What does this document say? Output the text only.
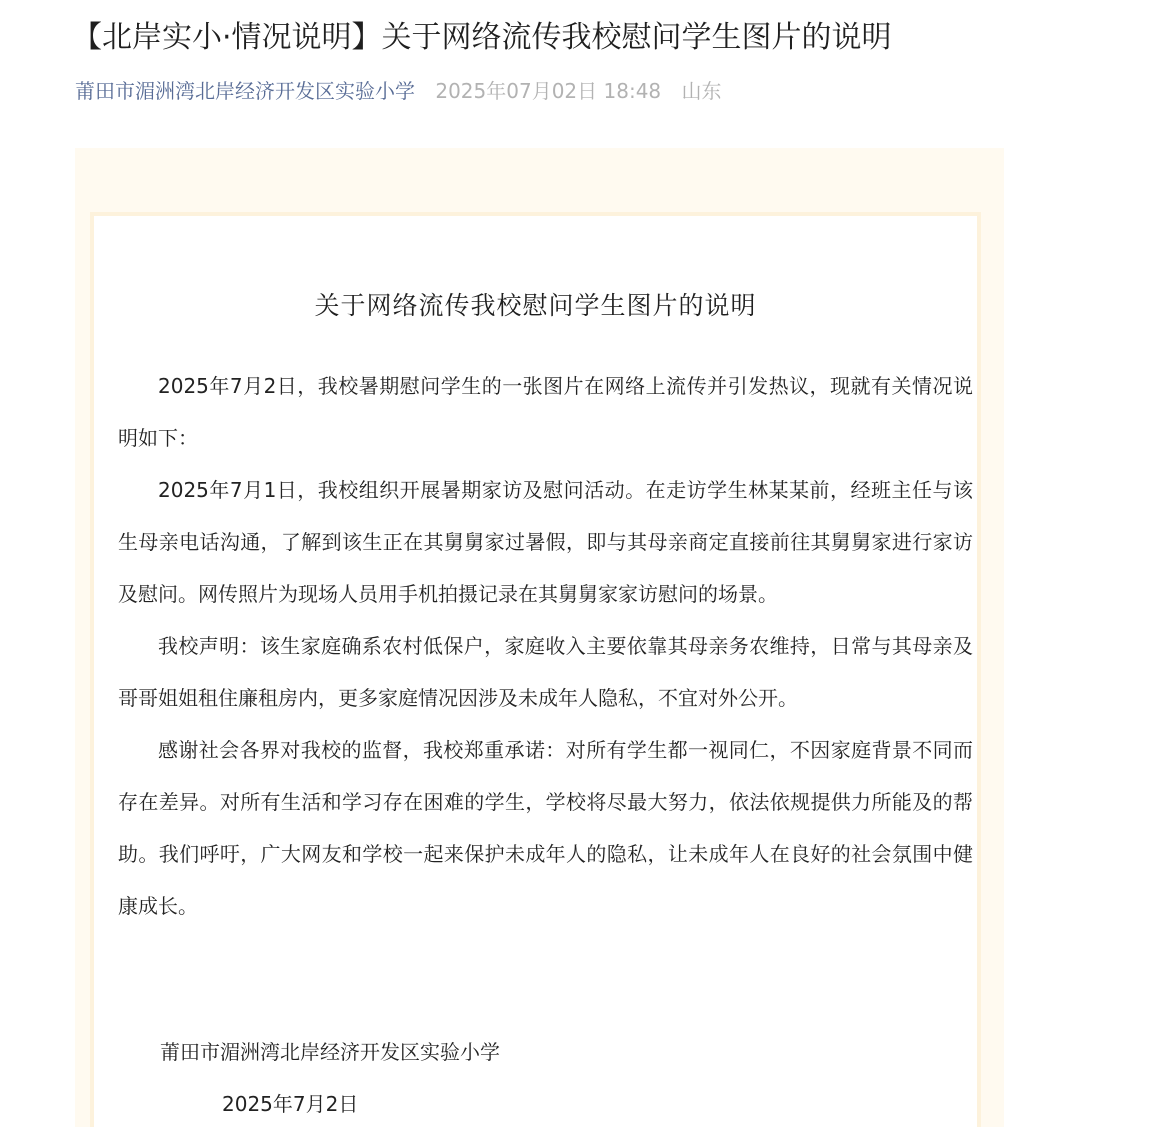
【北岸实小·情况说明】关于网络流传我校慰问学生图片的说明
莆田市湄洲湾北岸经济开发区实验小学 2025年07月02日 18:48 山东
关于网络流传我校慰问学生图片的说明

2025年7月2日，我校暑期慰问学生的一张图片在网络上流传并引发热议，现就有关情况说明如下：

2025年7月1日，我校组织开展暑期家访及慰问活动。在走访学生林某某前，经班主任与该生母亲电话沟通，了解到该生正在其舅舅家过暑假，即与其母亲商定直接前往其舅舅家进行家访及慰问。网传照片为现场人员用手机拍摄记录在其舅舅家家访慰问的场景。

我校声明：该生家庭确系农村低保户，家庭收入主要依靠其母亲务农维持，日常与其母亲及哥哥姐姐租住廉租房内，更多家庭情况因涉及未成年人隐私，不宜对外公开。

感谢社会各界对我校的监督，我校郑重承诺：对所有学生都一视同仁，不因家庭背景不同而存在差异。对所有生活和学习存在困难的学生，学校将尽最大努力，依法依规提供力所能及的帮助。我们呼吁，广大网友和学校一起来保护未成年人的隐私，让未成年人在良好的社会氛围中健康成长。

莆田市湄洲湾北岸经济开发区实验小学
2025年7月2日
